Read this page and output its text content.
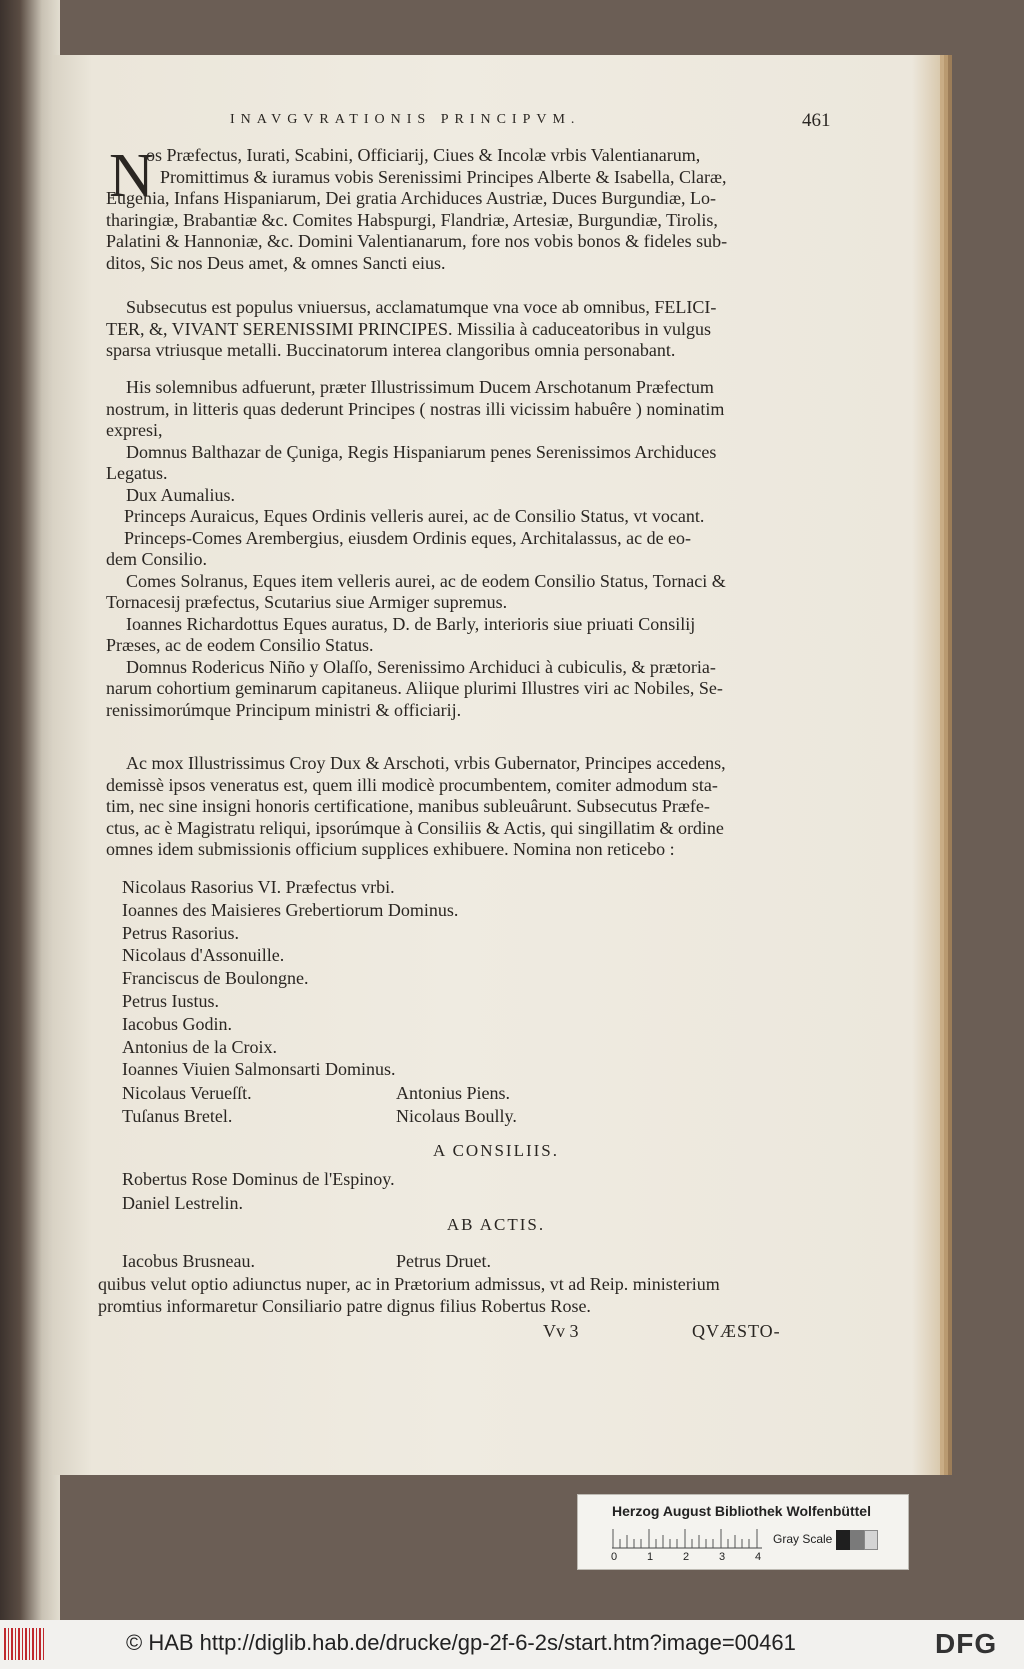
INAVGVRATIONIS PRINCIPVM.	461
N
os Præfectus, Iurati, Scabini, Officiarij, Ciues & Incolæ vrbis Valentianarum,
Promittimus & iuramus vobis Serenissimi Principes Alberte & Isabella, Claræ,
Eugenia, Infans Hispaniarum, Dei gratia Archiduces Austriæ, Duces Burgundiæ, Lo-
tharingiæ, Brabantiæ &c. Comites Habspurgi, Flandriæ, Artesiæ, Burgundiæ, Tirolis,
Palatini & Hannoniæ, &c. Domini Valentianarum, fore nos vobis bonos & fideles sub-
ditos, Sic nos Deus amet, & omnes Sancti eius.
Subsecutus est populus vniuersus, acclamatumque vna voce ab omnibus, FELICI-
TER, &, VIVANT SERENISSIMI PRINCIPES. Missilia à caduceatoribus in vulgus
sparsa vtriusque metalli. Buccinatorum interea clangoribus omnia personabant.
His solemnibus adfuerunt, præter Illustrissimum Ducem Arschotanum Præfectum
nostrum, in litteris quas dederunt Principes ( nostras illi vicissim habuêre ) nominatim
expresi,
Domnus Balthazar de Çuniga, Regis Hispaniarum penes Serenissimos Archiduces
Legatus.
Dux Aumalius.
Princeps Auraicus, Eques Ordinis velleris aurei, ac de Consilio Status, vt vocant.
Princeps-Comes Arembergius, eiusdem Ordinis eques, Architalassus, ac de eo-
dem Consilio.
Comes Solranus, Eques item velleris aurei, ac de eodem Consilio Status, Tornaci &
Tornacesij præfectus, Scutarius siue Armiger supremus.
Ioannes Richardottus Eques auratus, D. de Barly, interioris siue priuati Consilij
Præses, ac de eodem Consilio Status.
Domnus Rodericus Niño y Olaſſo, Serenissimo Archiduci à cubiculis, & prætoria-
narum cohortium geminarum capitaneus. Aliique plurimi Illustres viri ac Nobiles, Se-
renissimorúmque Principum ministri & officiarij.
Ac mox Illustrissimus Croy Dux & Arschoti, vrbis Gubernator, Principes accedens,
demissè ipsos veneratus est, quem illi modicè procumbentem, comiter admodum sta-
tim, nec sine insigni honoris certificatione, manibus subleuârunt. Subsecutus Præfe-
ctus, ac è Magistratu reliqui, ipsorúmque à Consiliis & Actis, qui singillatim & ordine
omnes idem submissionis officium supplices exhibuere. Nomina non reticebo :
Nicolaus Rasorius VI. Præfectus vrbi.
Ioannes des Maisieres Grebertiorum Dominus.
Petrus Rasorius.
Nicolaus d'Assonuille.
Franciscus de Boulongne.
Petrus Iustus.
Iacobus Godin.
Antonius de la Croix.
Ioannes Viuien Salmonsarti Dominus.
Nicolaus Verueſſt.	Antonius Piens.
Tuſanus Bretel.	Nicolaus Boully.
A CONSILIIS.
Robertus Rose Dominus de l'Espinoy.
Daniel Lestrelin.
AB ACTIS.
Iacobus Brusneau.	Petrus Druet.
quibus velut optio adiunctus nuper, ac in Prætorium admissus, vt ad Reip. ministerium
promtius informaretur Consiliario patre dignus filius Robertus Rose.
Vv 3	QVÆSTO-
Herzog August Bibliothek Wolfenbüttel
0	1	2	3	4
Gray Scale
© HAB http://diglib.hab.de/drucke/gp-2f-6-2s/start.htm?image=00461	DFG
